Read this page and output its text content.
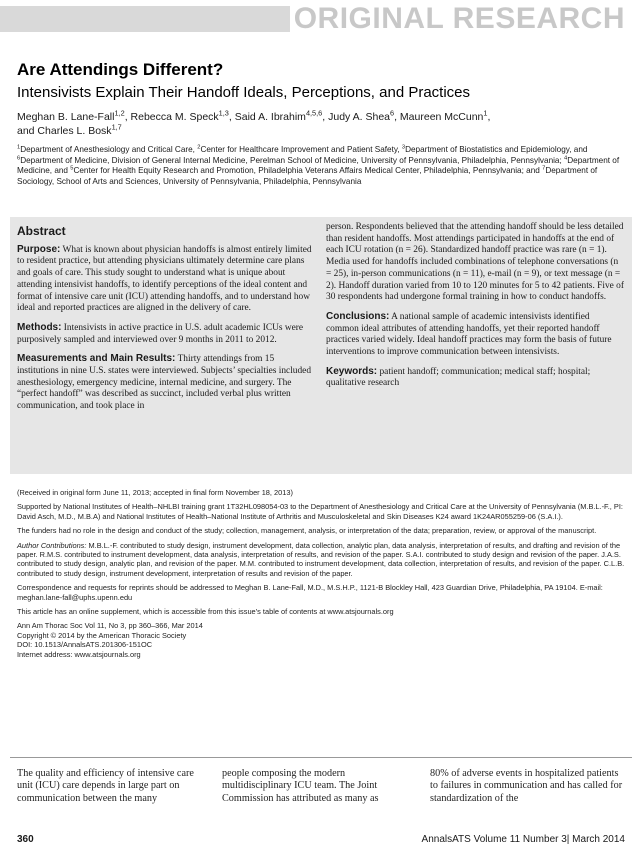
ORIGINAL RESEARCH
Are Attendings Different?
Intensivists Explain Their Handoff Ideals, Perceptions, and Practices
Meghan B. Lane-Fall$^{1,2}$, Rebecca M. Speck$^{1,3}$, Said A. Ibrahim$^{4,5,6}$, Judy A. Shea$^6$, Maureen McCunn$^1$,
and Charles L. Bosk$^{1,7}$
$^1$Department of Anesthesiology and Critical Care, $^2$Center for Healthcare Improvement and Patient Safety, $^3$Department of Biostatistics and Epidemiology, and $^6$Department of Medicine, Division of General Internal Medicine, Perelman School of Medicine, University of Pennsylvania, Philadelphia, Pennsylvania; $^4$Department of Medicine, and $^5$Center for Health Equity Research and Promotion, Philadelphia Veterans Affairs Medical Center, Philadelphia, Pennsylvania; and $^7$Department of Sociology, School of Arts and Sciences, University of Pennsylvania, Philadelphia, Pennsylvania
Abstract

Purpose: What is known about physician handoffs is almost entirely limited to resident practice, but attending physicians ultimately determine care plans and goals of care. This study sought to understand what is unique about attending intensivist handoffs, to identify perceptions of the ideal content and format of intensive care unit (ICU) attending handoffs, and to understand how ideal and reported practices are aligned in the delivery of care.

Methods: Intensivists in active practice in U.S. adult academic ICUs were purposively sampled and interviewed over 9 months in 2011 to 2012.

Measurements and Main Results: Thirty attendings from 15 institutions in nine U.S. states were interviewed. Subjects’ specialties included anesthesiology, emergency medicine, internal medicine, and surgery. The “perfect handoff” was described as succinct, included verbal plus written communication, and took place in

person. Respondents believed that the attending handoff should be less detailed than resident handoffs. Most attendings participated in handoffs at the end of each ICU rotation (n = 26). Standardized handoff practice was rare (n = 1). Media used for handoffs included combinations of telephone conversations (n = 25), in-person communications (n = 11), e-mail (n = 9), or text message (n = 2). Handoff duration varied from 10 to 120 minutes for 5 to 42 patients. Five of 30 respondents had undergone formal training in how to conduct handoffs.

Conclusions: A national sample of academic intensivists identified common ideal attributes of attending handoffs, yet their reported handoff practices varied widely. Ideal handoff practices may form the basis of future interventions to improve communication between intensivists.

Keywords: patient handoff; communication; medical staff; hospital; qualitative research

(Received in original form June 11, 2013; accepted in final form November 18, 2013)

Supported by National Institutes of Health–NHLBI training grant 1T32HL098054-03 to the Department of Anesthesiology and Critical Care at the University of Pennsylvania (M.B.L.-F., PI: David Asch, M.D., M.B.A) and National Institutes of Health–National Institute of Arthritis and Musculoskeletal and Skin Diseases K24 award 1K24AR055259-06 (S.A.I.).

The funders had no role in the design and conduct of the study; collection, management, analysis, or interpretation of the data; preparation, review, or approval of the manuscript.

Author Contributions: M.B.L.-F. contributed to study design, instrument development, data collection, analytic plan, data analysis, interpretation of results, and drafting and revision of the paper. R.M.S. contributed to instrument development, data analysis, interpretation of results, and revision of the paper. S.A.I. contributed to study design and revision of the paper. J.A.S. contributed to study design, analytic plan, and revision of the paper. M.M. contributed to instrument development, data collection, interpretation of results, and revision of the paper. C.L.B. contributed to study design, instrument development, interpretation of results and revision of the paper.

Correspondence and requests for reprints should be addressed to Meghan B. Lane-Fall, M.D., M.S.H.P., 1121-B Blockley Hall, 423 Guardian Drive, Philadelphia, PA 19104. E-mail: meghan.lane-fall@uphs.upenn.edu

This article has an online supplement, which is accessible from this issue’s table of contents at www.atsjournals.org

Ann Am Thorac Soc Vol 11, No 3, pp 360–366, Mar 2014
Copyright © 2014 by the American Thoracic Society
DOI: 10.1513/AnnalsATS.201306-151OC
Internet address: www.atsjournals.org
The quality and efficiency of intensive care unit (ICU) care depends in large part on communication between the many
people composing the modern multidisciplinary ICU team. The Joint Commission has attributed as many as
80% of adverse events in hospitalized patients to failures in communication and has called for standardization of the
360	AnnalsATS Volume 11 Number 3| March 2014
